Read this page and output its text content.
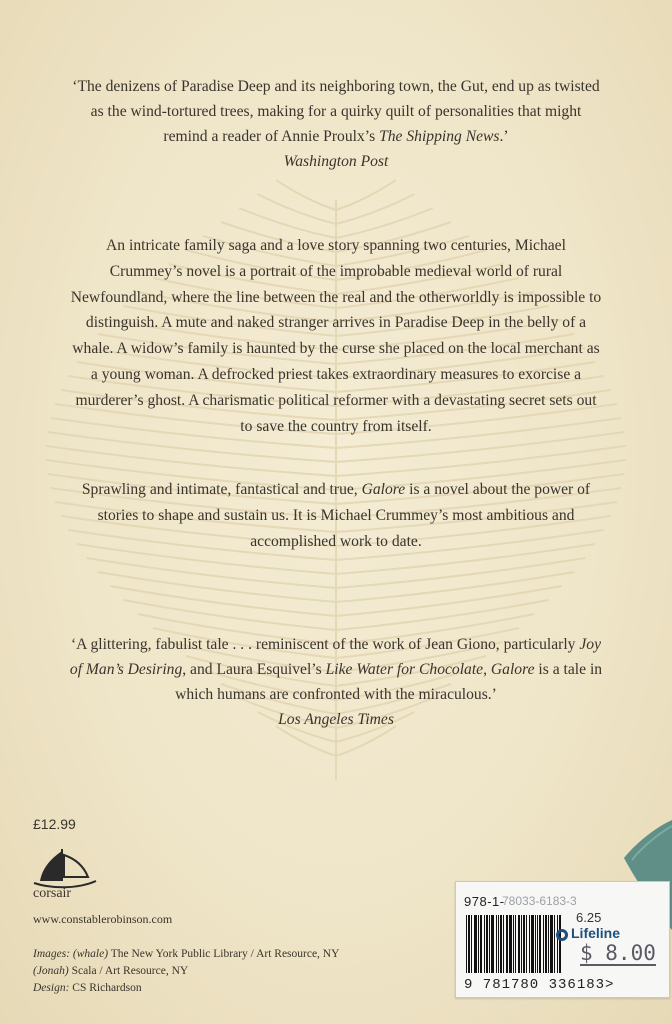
‘The denizens of Paradise Deep and its neighboring town, the Gut, end up as twisted

as the wind-tortured trees, making for a quirky quilt of personalities that might

remind a reader of Annie Proulx’s The Shipping News.’

Washington Post

An intricate family saga and a love story spanning two centuries, Michael

Crummey’s novel is a portrait of the improbable medieval world of rural

Newfoundland, where the line between the real and the otherworldly is impossible to

distinguish. A mute and naked stranger arrives in Paradise Deep in the belly of a

whale. A widow’s family is haunted by the curse she placed on the local merchant as

a young woman. A defrocked priest takes extraordinary measures to exorcise a

murderer’s ghost. A charismatic political reformer with a devastating secret sets out

to save the country from itself.

Sprawling and intimate, fantastical and true, Galore is a novel about the power of

stories to shape and sustain us. It is Michael Crummey’s most ambitious and

accomplished work to date.

‘A glittering, fabulist tale . . . reminiscent of the work of Jean Giono, particularly Joy

of Man’s Desiring, and Laura Esquivel’s Like Water for Chocolate, Galore is a tale in

which humans are confronted with the miraculous.’

Los Angeles Times

£12.99
corsair
www.constablerobinson.com
Images: (whale) The New York Public Library / Art Resource, NY
(Jonah) Scala / Art Resource, NY
Design: CS Richardson
978-1-
78033-6183-3
6.25
Lifeline
$ 8.00
9 781780 336183>
